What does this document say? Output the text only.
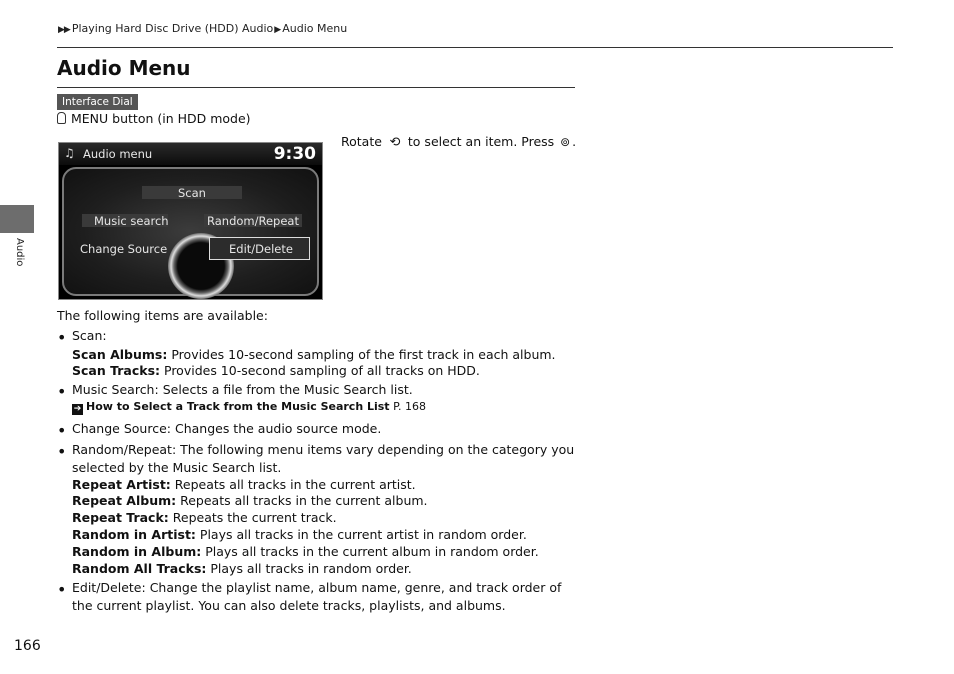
▶▶ Playing Hard Disc Drive (HDD) Audio▶ Audio Menu
Audio Menu
Interface Dial
MENU button (in HDD mode)
Audio
Rotate ⟲ to select an item. Press ⊚ .
♫ Audio menu	9:30
Scan
Music search	Random/Repeat
Change Source	Edit/Delete
The following items are available:
• Scan:
Scan Albums: Provides 10-second sampling of the first track in each album.
Scan Tracks: Provides 10-second sampling of all tracks on HDD.
• Music Search: Selects a file from the Music Search list.
➔ How to Select a Track from the Music Search List P. 168
• Change Source: Changes the audio source mode.
• Random/Repeat: The following menu items vary depending on the category you
selected by the Music Search list.
Repeat Artist: Repeats all tracks in the current artist.
Repeat Album: Repeats all tracks in the current album.
Repeat Track: Repeats the current track.
Random in Artist: Plays all tracks in the current artist in random order.
Random in Album: Plays all tracks in the current album in random order.
Random All Tracks: Plays all tracks in random order.
• Edit/Delete: Change the playlist name, album name, genre, and track order of
the current playlist. You can also delete tracks, playlists, and albums.
166
